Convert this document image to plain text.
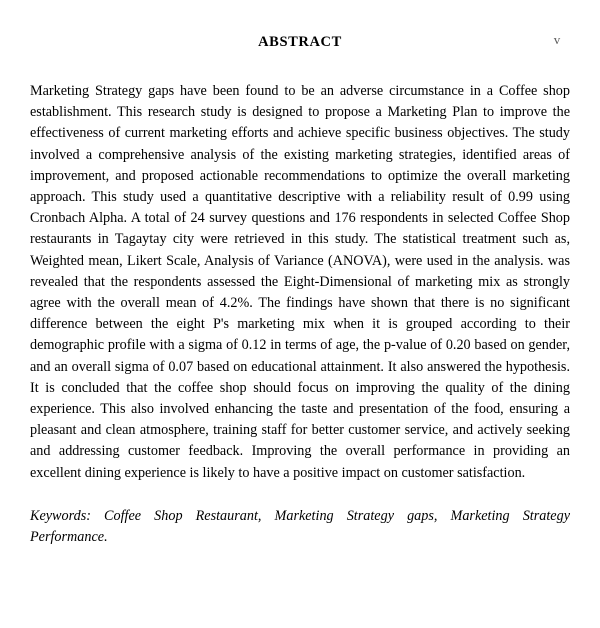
v
ABSTRACT

Marketing Strategy gaps have been found to be an adverse circumstance in a Coffee shop establishment. This research study is designed to propose a Marketing Plan to improve the effectiveness of current marketing efforts and achieve specific business objectives. The study involved a comprehensive analysis of the existing marketing strategies, identified areas of improvement, and proposed actionable recommendations to optimize the overall marketing approach. This study used a quantitative descriptive with a reliability result of 0.99 using Cronbach Alpha. A total of 24 survey questions and 176 respondents in selected Coffee Shop restaurants in Tagaytay city were retrieved in this study. The statistical treatment such as, Weighted mean, Likert Scale, Analysis of Variance (ANOVA), were used in the analysis. was revealed that the respondents assessed the Eight-Dimensional of marketing mix as strongly agree with the overall mean of 4.2%. The findings have shown that there is no significant difference between the eight P's marketing mix when it is grouped according to their demographic profile with a sigma of 0.12 in terms of age, the p-value of 0.20 based on gender, and an overall sigma of 0.07 based on educational attainment. It also answered the hypothesis. It is concluded that the coffee shop should focus on improving the quality of the dining experience. This also involved enhancing the taste and presentation of the food, ensuring a pleasant and clean atmosphere, training staff for better customer service, and actively seeking and addressing customer feedback. Improving the overall performance in providing an excellent dining experience is likely to have a positive impact on customer satisfaction.

Keywords: Coffee Shop Restaurant, Marketing Strategy gaps, Marketing Strategy Performance.
